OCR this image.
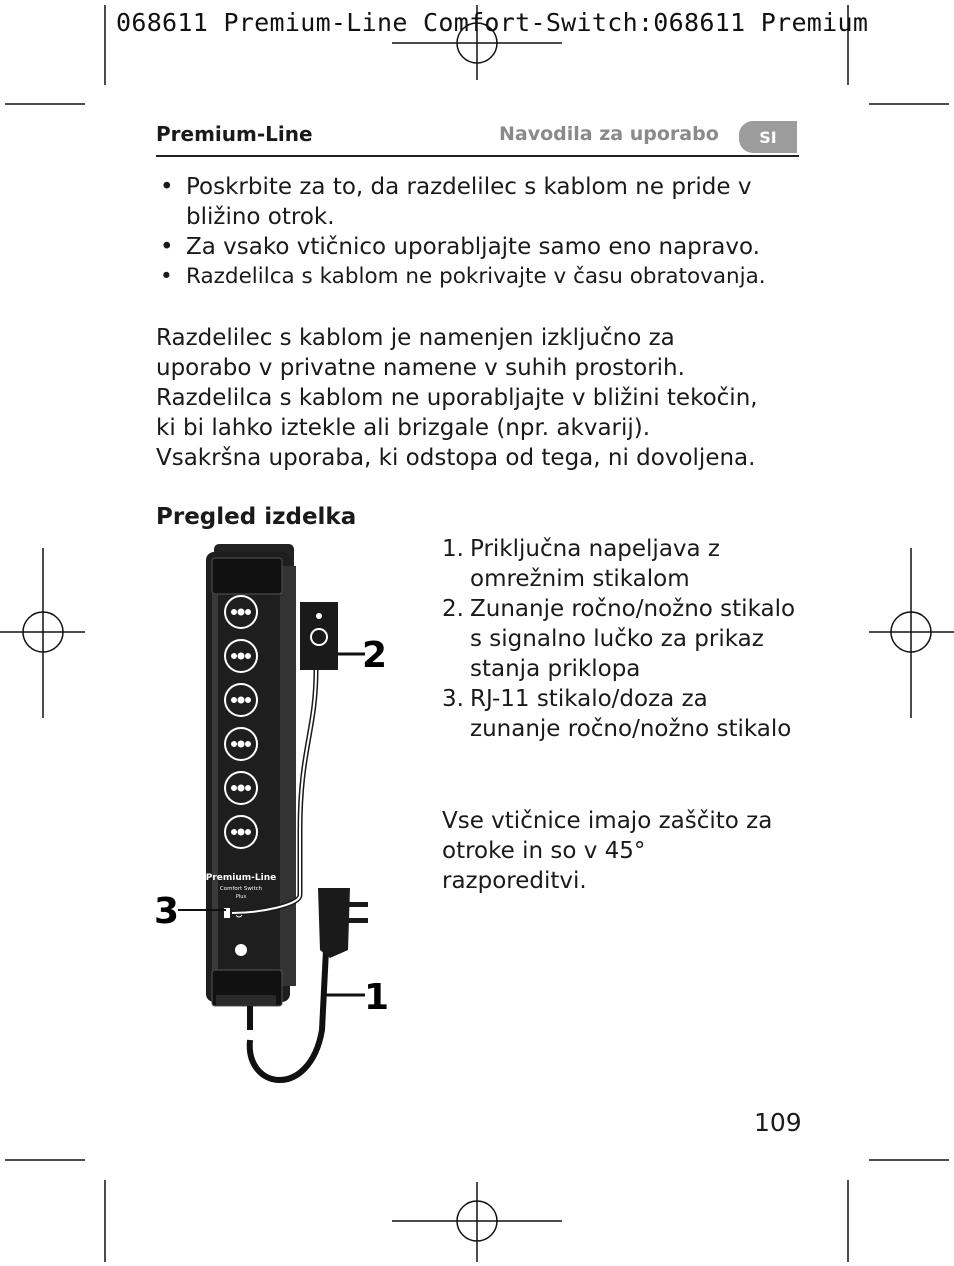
068611 Premium-Line Comfort-Switch:068611 Premium
Premium-Line	Navodila za uporabo	SI
• Poskrbite za to, da razdelilec s kablom ne pride v bližino otrok.
• Za vsako vtičnico uporabljajte samo eno napravo.
• Razdelilca s kablom ne pokrivajte v času obratovanja.
Razdelilec s kablom je namenjen izključno za
uporabo v privatne namene v suhih prostorih.
Razdelilca s kablom ne uporabljajte v bližini tekočin,
ki bi lahko iztekle ali brizgale (npr. akvarij).
Vsakršna uporaba, ki odstopa od tega, ni dovoljena.
Pregled izdelka
1. Priključna napeljava z omrežnim stikalom
2. Zunanje ročno/nožno stikalo s signalno lučko za prikaz stanja priklopa
3. RJ-11 stikalo/doza za zunanje ročno/nožno stikalo
Vse vtičnice imajo zaščito za otroke in so v 45° razporeditvi.
Premium-Line
Comfort Switch
Plus
2
3
1
109
